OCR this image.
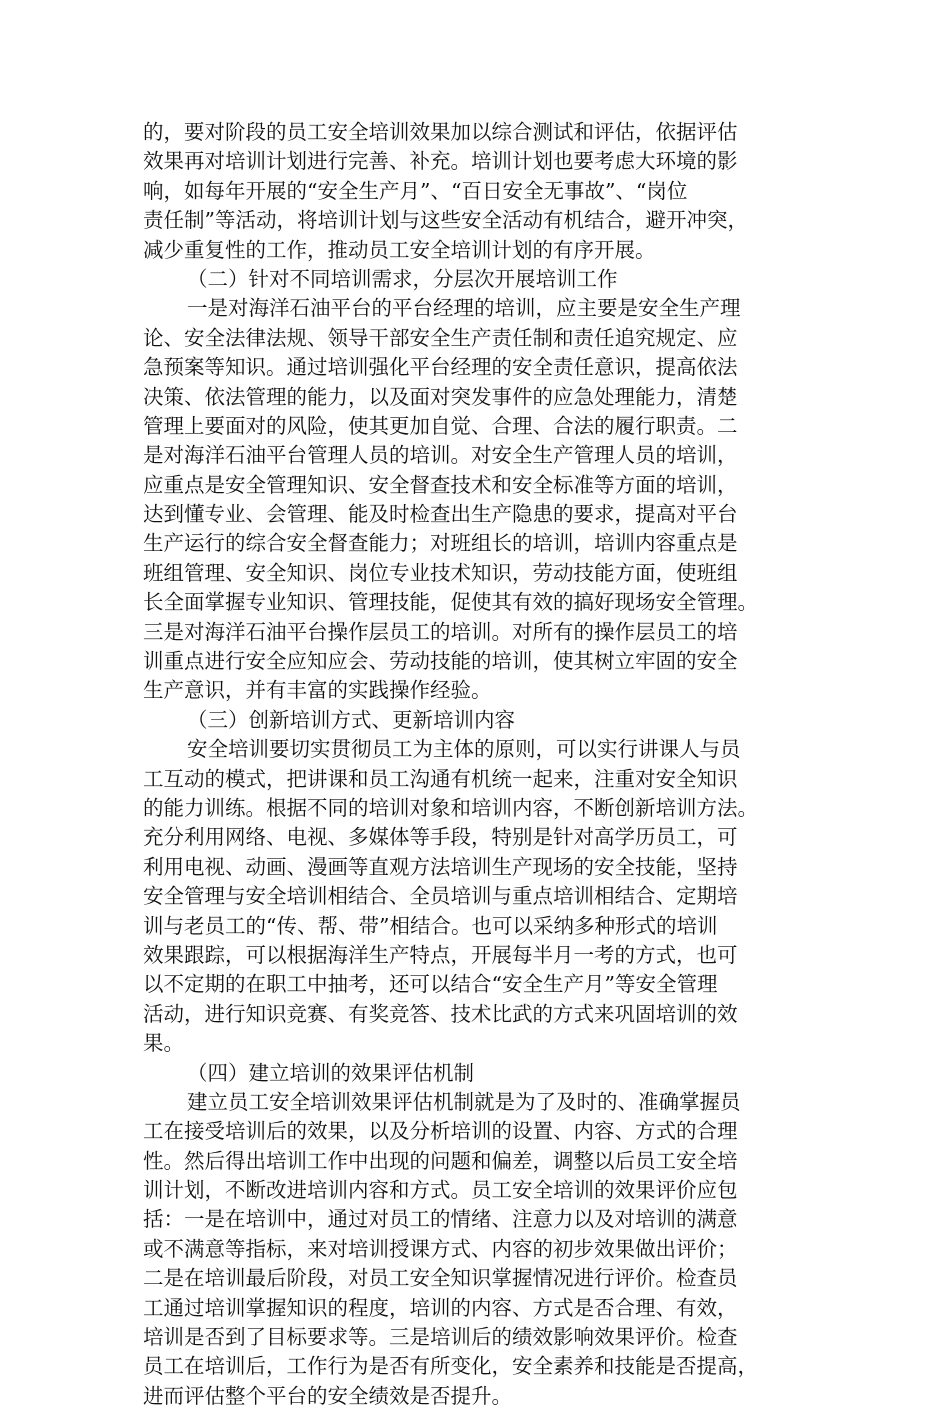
的，要对阶段的员工安全培训效果加以综合测试和评估，依据评估
效果再对培训计划进行完善、补充。培训计划也要考虑大环境的影
响，如每年开展的“安全生产月”、“百日安全无事故”、“岗位
责任制”等活动，将培训计划与这些安全活动有机结合，避开冲突，
减少重复性的工作，推动员工安全培训计划的有序开展。
（二）针对不同培训需求，分层次开展培训工作
一是对海洋石油平台的平台经理的培训，应主要是安全生产理
论、安全法律法规、领导干部安全生产责任制和责任追究规定、应
急预案等知识。通过培训强化平台经理的安全责任意识，提高依法
决策、依法管理的能力，以及面对突发事件的应急处理能力，清楚
管理上要面对的风险，使其更加自觉、合理、合法的履行职责。二
是对海洋石油平台管理人员的培训。对安全生产管理人员的培训，
应重点是安全管理知识、安全督查技术和安全标准等方面的培训，
达到懂专业、会管理、能及时检查出生产隐患的要求，提高对平台
生产运行的综合安全督查能力；对班组长的培训，培训内容重点是
班组管理、安全知识、岗位专业技术知识，劳动技能方面，使班组
长全面掌握专业知识、管理技能，促使其有效的搞好现场安全管理。
三是对海洋石油平台操作层员工的培训。对所有的操作层员工的培
训重点进行安全应知应会、劳动技能的培训，使其树立牢固的安全
生产意识，并有丰富的实践操作经验。
（三）创新培训方式、更新培训内容
安全培训要切实贯彻员工为主体的原则，可以实行讲课人与员
工互动的模式，把讲课和员工沟通有机统一起来，注重对安全知识
的能力训练。根据不同的培训对象和培训内容，不断创新培训方法。
充分利用网络、电视、多媒体等手段，特别是针对高学历员工，可
利用电视、动画、漫画等直观方法培训生产现场的安全技能，坚持
安全管理与安全培训相结合、全员培训与重点培训相结合、定期培
训与老员工的“传、帮、带”相结合。也可以采纳多种形式的培训
效果跟踪，可以根据海洋生产特点，开展每半月一考的方式，也可
以不定期的在职工中抽考，还可以结合“安全生产月”等安全管理
活动，进行知识竞赛、有奖竞答、技术比武的方式来巩固培训的效
果。
（四）建立培训的效果评估机制
建立员工安全培训效果评估机制就是为了及时的、准确掌握员
工在接受培训后的效果，以及分析培训的设置、内容、方式的合理
性。然后得出培训工作中出现的问题和偏差，调整以后员工安全培
训计划，不断改进培训内容和方式。员工安全培训的效果评价应包
括：一是在培训中，通过对员工的情绪、注意力以及对培训的满意
或不满意等指标，来对培训授课方式、内容的初步效果做出评价；
二是在培训最后阶段，对员工安全知识掌握情况进行评价。检查员
工通过培训掌握知识的程度，培训的内容、方式是否合理、有效，
培训是否到了目标要求等。三是培训后的绩效影响效果评价。检查
员工在培训后，工作行为是否有所变化，安全素养和技能是否提高，
进而评估整个平台的安全绩效是否提升。
